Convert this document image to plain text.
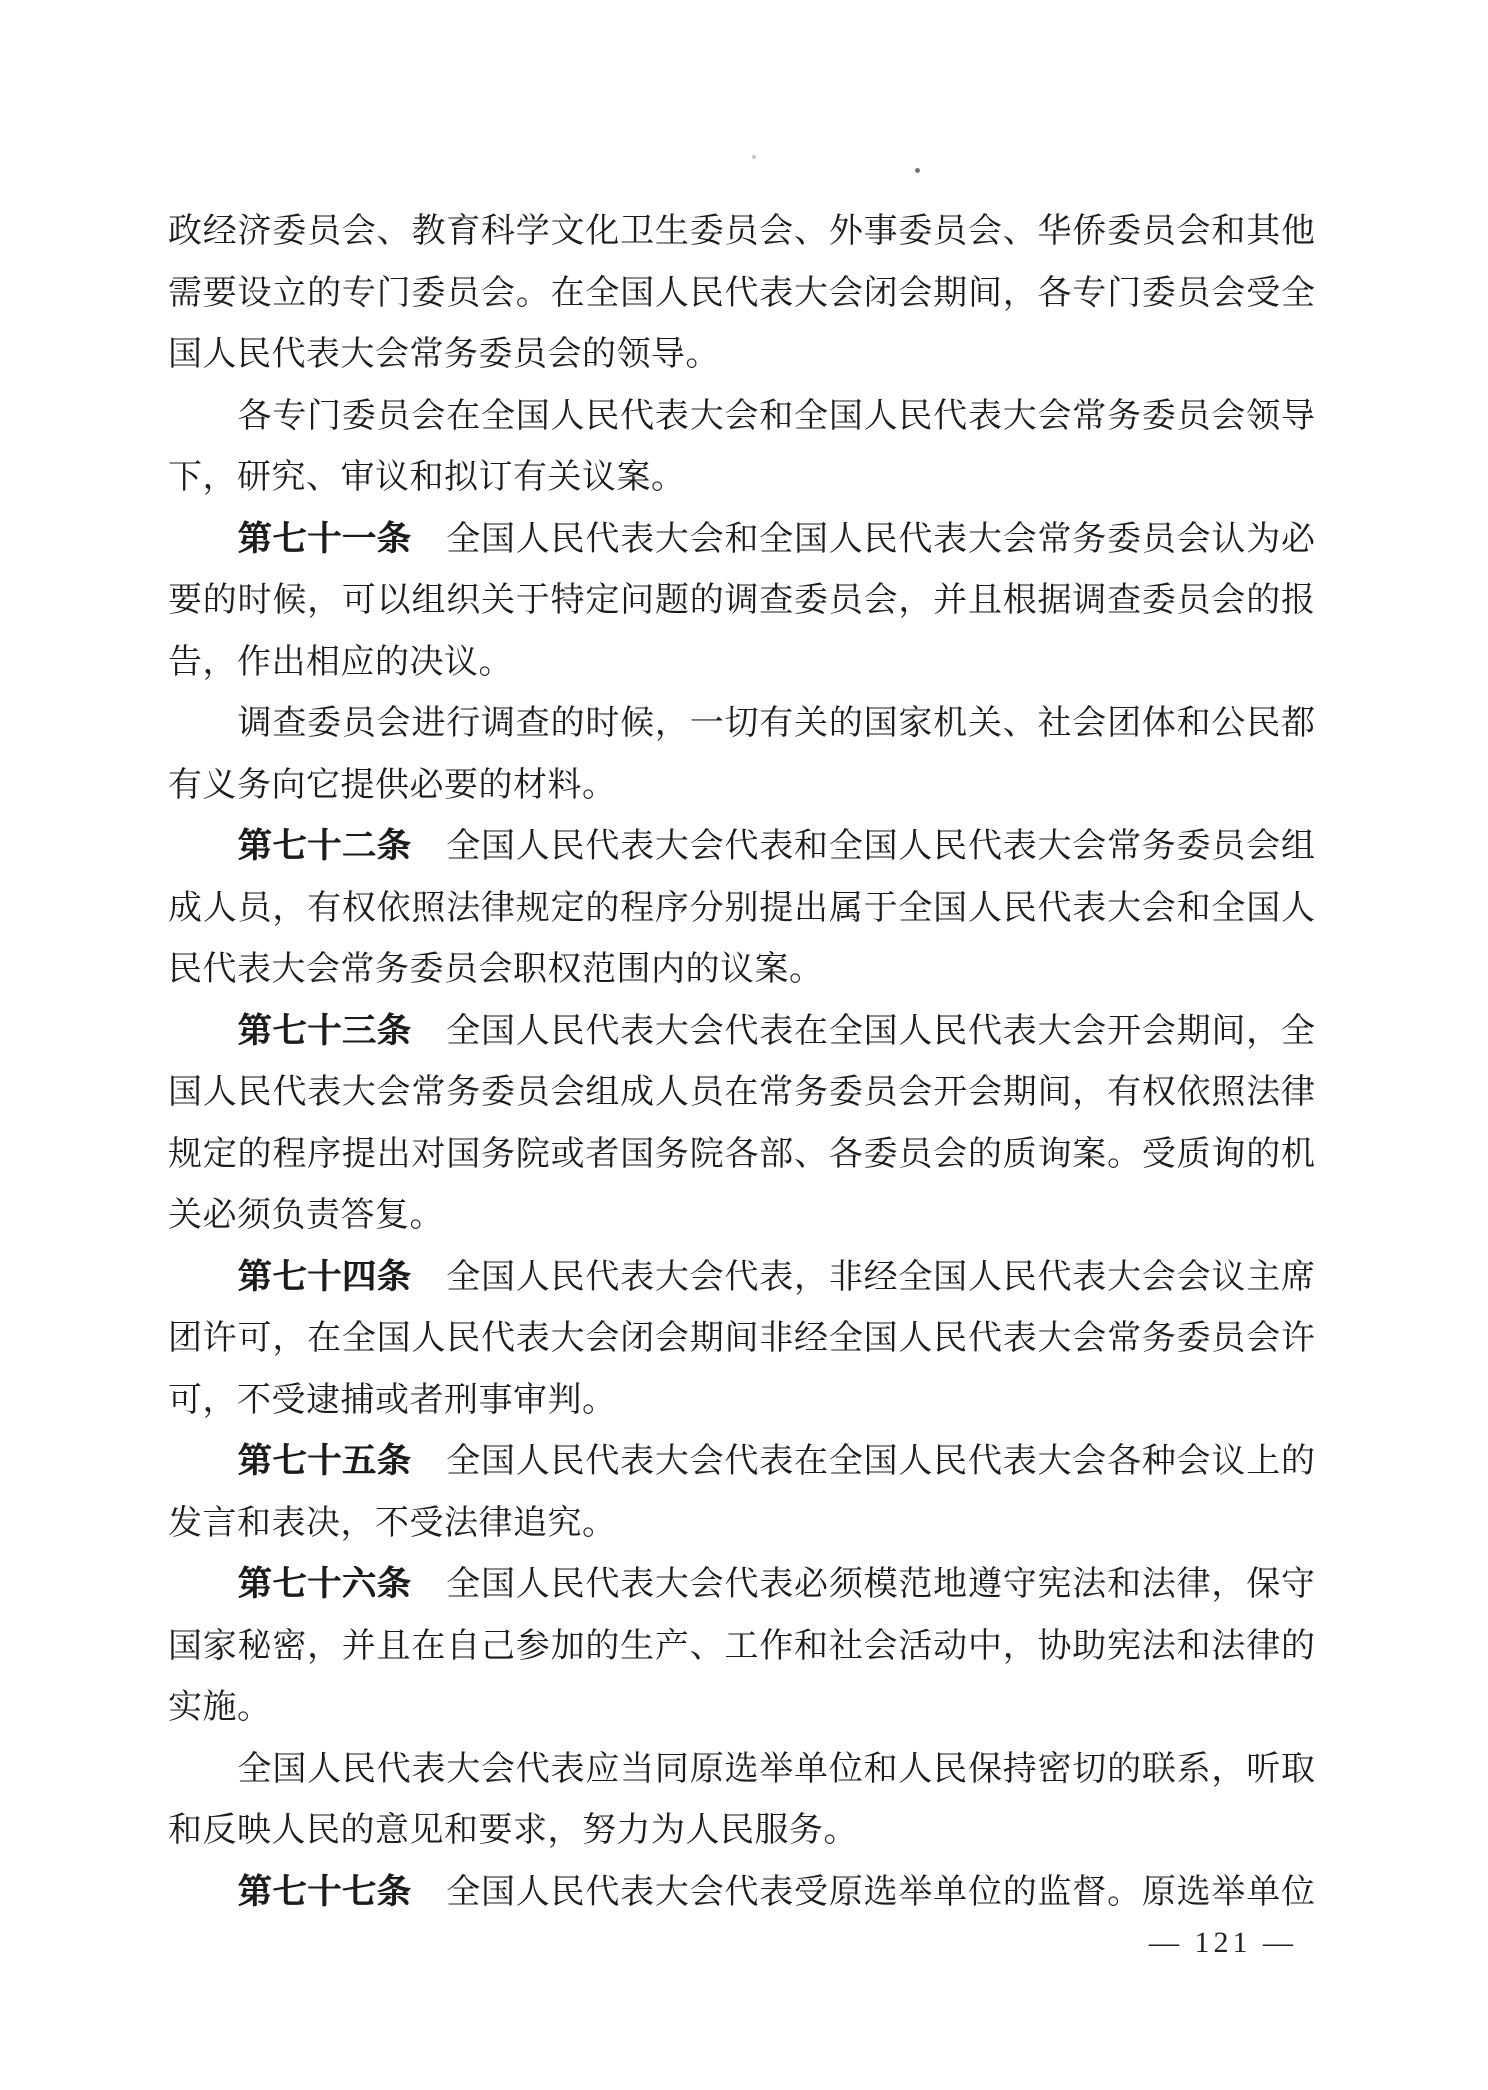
政经济委员会、教育科学文化卫生委员会、外事委员会、华侨委员会和其他
需要设立的专门委员会。在全国人民代表大会闭会期间，各专门委员会受全
国人民代表大会常务委员会的领导。
　　各专门委员会在全国人民代表大会和全国人民代表大会常务委员会领导
下，研究、审议和拟订有关议案。
　　第七十一条　全国人民代表大会和全国人民代表大会常务委员会认为必
要的时候，可以组织关于特定问题的调查委员会，并且根据调查委员会的报
告，作出相应的决议。
　　调查委员会进行调查的时候，一切有关的国家机关、社会团体和公民都
有义务向它提供必要的材料。
　　第七十二条　全国人民代表大会代表和全国人民代表大会常务委员会组
成人员，有权依照法律规定的程序分别提出属于全国人民代表大会和全国人
民代表大会常务委员会职权范围内的议案。
　　第七十三条　全国人民代表大会代表在全国人民代表大会开会期间，全
国人民代表大会常务委员会组成人员在常务委员会开会期间，有权依照法律
规定的程序提出对国务院或者国务院各部、各委员会的质询案。受质询的机
关必须负责答复。
　　第七十四条　全国人民代表大会代表，非经全国人民代表大会会议主席
团许可，在全国人民代表大会闭会期间非经全国人民代表大会常务委员会许
可，不受逮捕或者刑事审判。
　　第七十五条　全国人民代表大会代表在全国人民代表大会各种会议上的
发言和表决，不受法律追究。
　　第七十六条　全国人民代表大会代表必须模范地遵守宪法和法律，保守
国家秘密，并且在自己参加的生产、工作和社会活动中，协助宪法和法律的
实施。
　　全国人民代表大会代表应当同原选举单位和人民保持密切的联系，听取
和反映人民的意见和要求，努力为人民服务。
　　第七十七条　全国人民代表大会代表受原选举单位的监督。原选举单位
— 121 —
